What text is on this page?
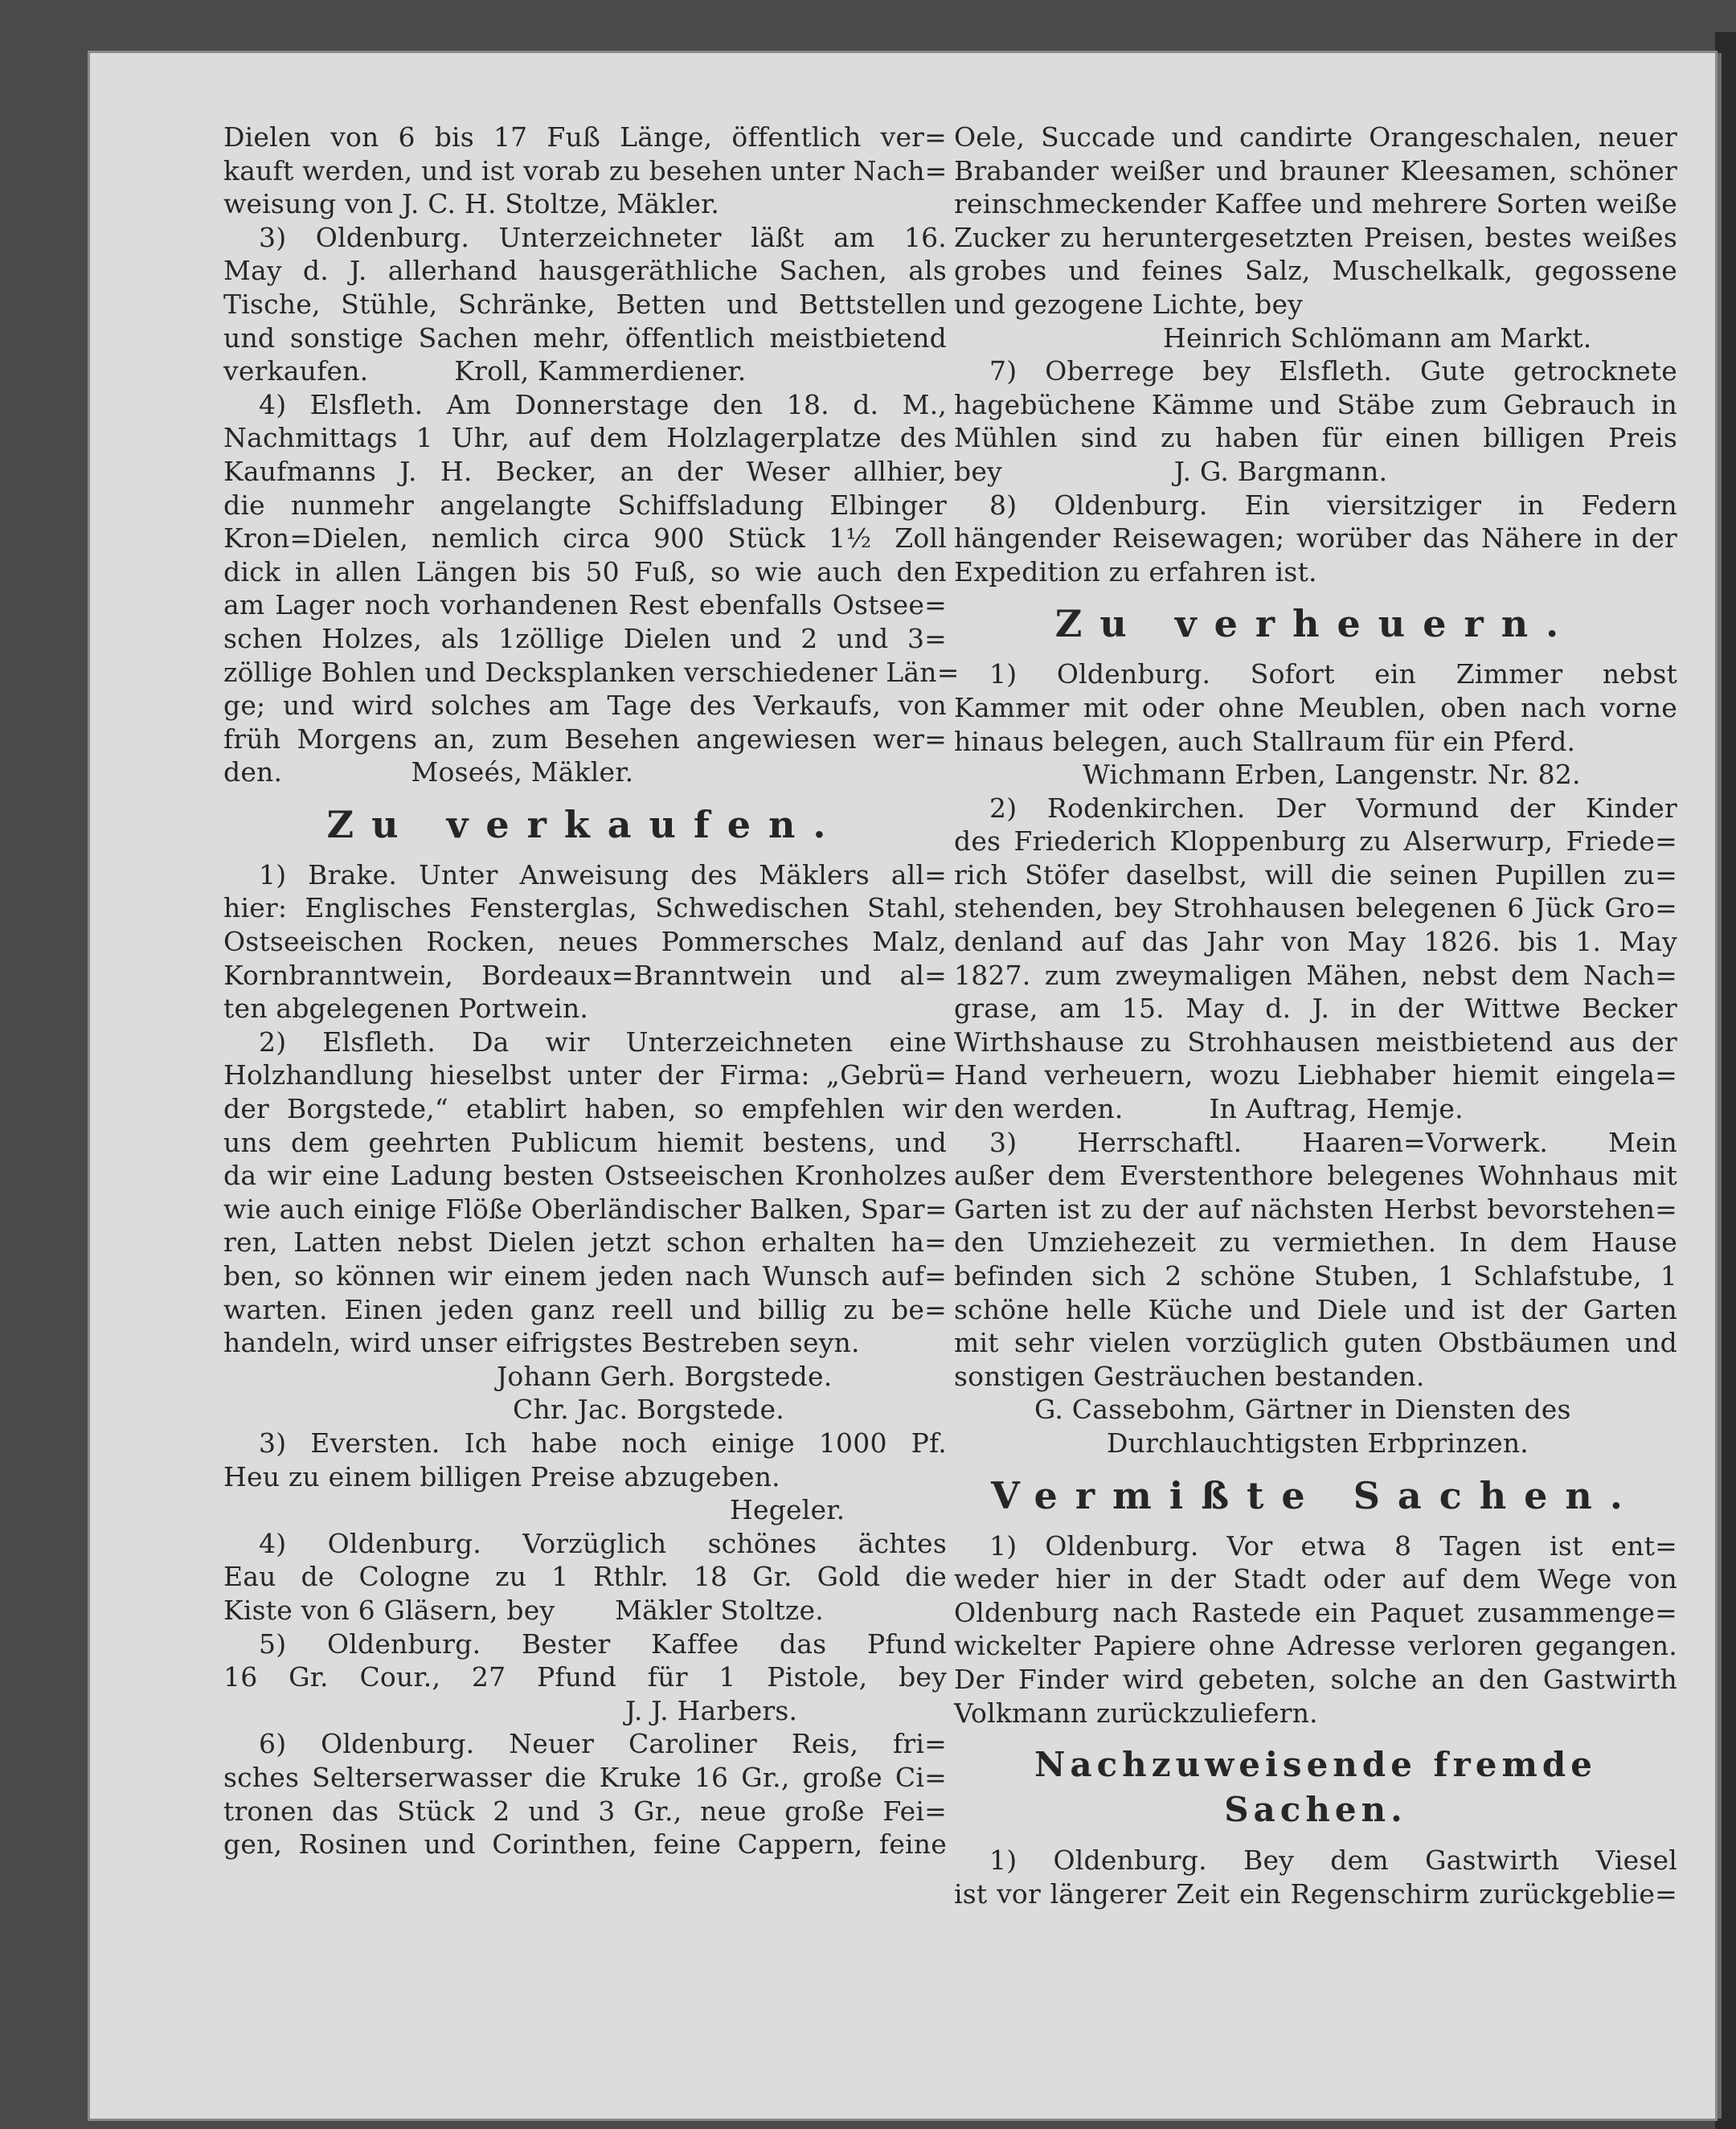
Dielen von 6 bis 17 Fuß Länge, öffentlich ver=
kauft werden, und ist vorab zu besehen unter Nach=
weisung von J. C. H. Stoltze, Mäkler.
3) Oldenburg. Unterzeichneter läßt am 16.
May d. J. allerhand hausgeräthliche Sachen, als
Tische, Stühle, Schränke, Betten und Bettstellen
und sonstige Sachen mehr, öffentlich meistbietend
verkaufen.          Kroll, Kammerdiener.
4) Elsfleth. Am Donnerstage den 18. d. M.,
Nachmittags 1 Uhr, auf dem Holzlagerplatze des
Kaufmanns J. H. Becker, an der Weser allhier,
die nunmehr angelangte Schiffsladung Elbinger
Kron=Dielen, nemlich circa 900 Stück 1½ Zoll
dick in allen Längen bis 50 Fuß, so wie auch den
am Lager noch vorhandenen Rest ebenfalls Ostsee=
schen Holzes, als 1zöllige Dielen und 2 und 3=
zöllige Bohlen und Decksplanken verschiedener Län=
ge; und wird solches am Tage des Verkaufs, von
früh Morgens an, zum Besehen angewiesen wer=
den.               Moseés, Mäkler.
Zu verkaufen.
1) Brake. Unter Anweisung des Mäklers all=
hier: Englisches Fensterglas, Schwedischen Stahl,
Ostseeischen Rocken, neues Pommersches Malz,
Kornbranntwein, Bordeaux=Branntwein und al=
ten abgelegenen Portwein.
2) Elsfleth. Da wir Unterzeichneten eine
Holzhandlung hieselbst unter der Firma: „Gebrü=
der Borgstede,“ etablirt haben, so empfehlen wir
uns dem geehrten Publicum hiemit bestens, und
da wir eine Ladung besten Ostseeischen Kronholzes
wie auch einige Flöße Oberländischer Balken, Spar=
ren, Latten nebst Dielen jetzt schon erhalten ha=
ben, so können wir einem jeden nach Wunsch auf=
warten. Einen jeden ganz reell und billig zu be=
handeln, wird unser eifrigstes Bestreben seyn.
Johann Gerh. Borgstede.
Chr. Jac. Borgstede.
3) Eversten. Ich habe noch einige 1000 Pf.
Heu zu einem billigen Preise abzugeben.
Hegeler.
4) Oldenburg. Vorzüglich schönes ächtes
Eau de Cologne zu 1 Rthlr. 18 Gr. Gold die
Kiste von 6 Gläsern, bey       Mäkler Stoltze.
5) Oldenburg. Bester Kaffee das Pfund
16 Gr. Cour., 27 Pfund für 1 Pistole, bey
J. J. Harbers.
6) Oldenburg. Neuer Caroliner Reis, fri=
sches Selterserwasser die Kruke 16 Gr., große Ci=
tronen das Stück 2 und 3 Gr., neue große Fei=
gen, Rosinen und Corinthen, feine Cappern, feine
Oele, Succade und candirte Orangeschalen, neuer
Brabander weißer und brauner Kleesamen, schöner
reinschmeckender Kaffee und mehrere Sorten weiße
Zucker zu heruntergesetzten Preisen, bestes weißes
grobes und feines Salz, Muschelkalk, gegossene
und gezogene Lichte, bey
Heinrich Schlömann am Markt.
7) Oberrege bey Elsfleth. Gute getrocknete
hagebüchene Kämme und Stäbe zum Gebrauch in
Mühlen sind zu haben für einen billigen Preis
bey                    J. G. Bargmann.
8) Oldenburg. Ein viersitziger in Federn
hängender Reisewagen; worüber das Nähere in der
Expedition zu erfahren ist.
Zu verheuern.
1) Oldenburg. Sofort ein Zimmer nebst
Kammer mit oder ohne Meublen, oben nach vorne
hinaus belegen, auch Stallraum für ein Pferd.
Wichmann Erben, Langenstr. Nr. 82.
2) Rodenkirchen. Der Vormund der Kinder
des Friederich Kloppenburg zu Alserwurp, Friede=
rich Stöfer daselbst, will die seinen Pupillen zu=
stehenden, bey Strohhausen belegenen 6 Jück Gro=
denland auf das Jahr von May 1826. bis 1. May
1827. zum zweymaligen Mähen, nebst dem Nach=
grase, am 15. May d. J. in der Wittwe Becker
Wirthshause zu Strohhausen meistbietend aus der
Hand verheuern, wozu Liebhaber hiemit eingela=
den werden.          In Auftrag, Hemje.
3) Herrschaftl. Haaren=Vorwerk. Mein
außer dem Everstenthore belegenes Wohnhaus mit
Garten ist zu der auf nächsten Herbst bevorstehen=
den Umziehezeit zu vermiethen. In dem Hause
befinden sich 2 schöne Stuben, 1 Schlafstube, 1
schöne helle Küche und Diele und ist der Garten
mit sehr vielen vorzüglich guten Obstbäumen und
sonstigen Gesträuchen bestanden.
G. Cassebohm, Gärtner in Diensten des
Durchlauchtigsten Erbprinzen.
Vermißte Sachen.
1) Oldenburg. Vor etwa 8 Tagen ist ent=
weder hier in der Stadt oder auf dem Wege von
Oldenburg nach Rastede ein Paquet zusammenge=
wickelter Papiere ohne Adresse verloren gegangen.
Der Finder wird gebeten, solche an den Gastwirth
Volkmann zurückzuliefern.
Nachzuweisende fremde Sachen.
1) Oldenburg. Bey dem Gastwirth Viesel
ist vor längerer Zeit ein Regenschirm zurückgeblie=
